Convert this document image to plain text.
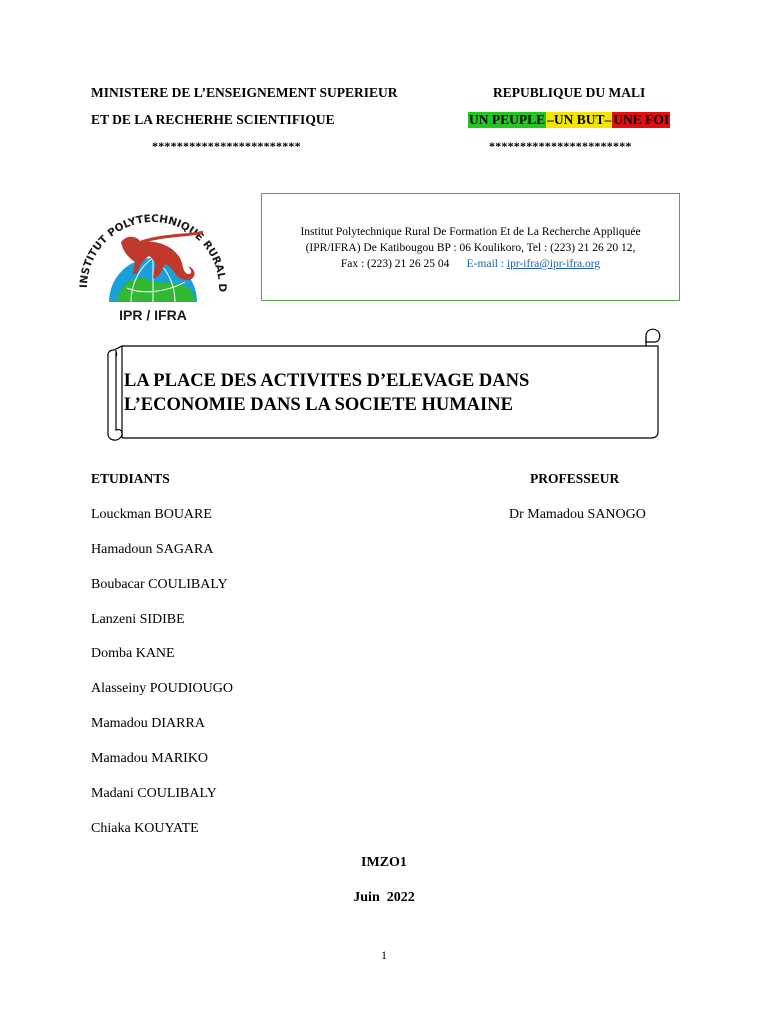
MINISTERE DE L’ENSEIGNEMENT SUPERIEUR
ET DE LA RECHERHE SCIENTIFIQUE
************************
REPUBLIQUE DU MALI
UN PEUPLE –UN BUT– UNE FOI
***********************
INSTITUT POLYTECHNIQUE RURAL D
IPR / IFRA
Institut Polytechnique Rural De Formation Et de La Recherche Appliquée
(IPR/IFRA) De Katibougou BP : 06 Koulikoro, Tel : (223) 21 26 20 12,
Fax : (223) 21 26 25 04 E-mail : ipr-ifra@ipr-ifra.org
LA PLACE DES ACTIVITES D’ELEVAGE DANS
L’ECONOMIE DANS LA SOCIETE HUMAINE
ETUDIANTS	PROFESSEUR
Dr Mamadou SANOGO
Louckman BOUARE
Hamadoun SAGARA
Boubacar COULIBALY
Lanzeni SIDIBE
Domba KANE
Alasseiny POUDIOUGO
Mamadou DIARRA
Mamadou MARIKO
Madani COULIBALY
Chiaka KOUYATE
IMZO1
Juin  2022
1
